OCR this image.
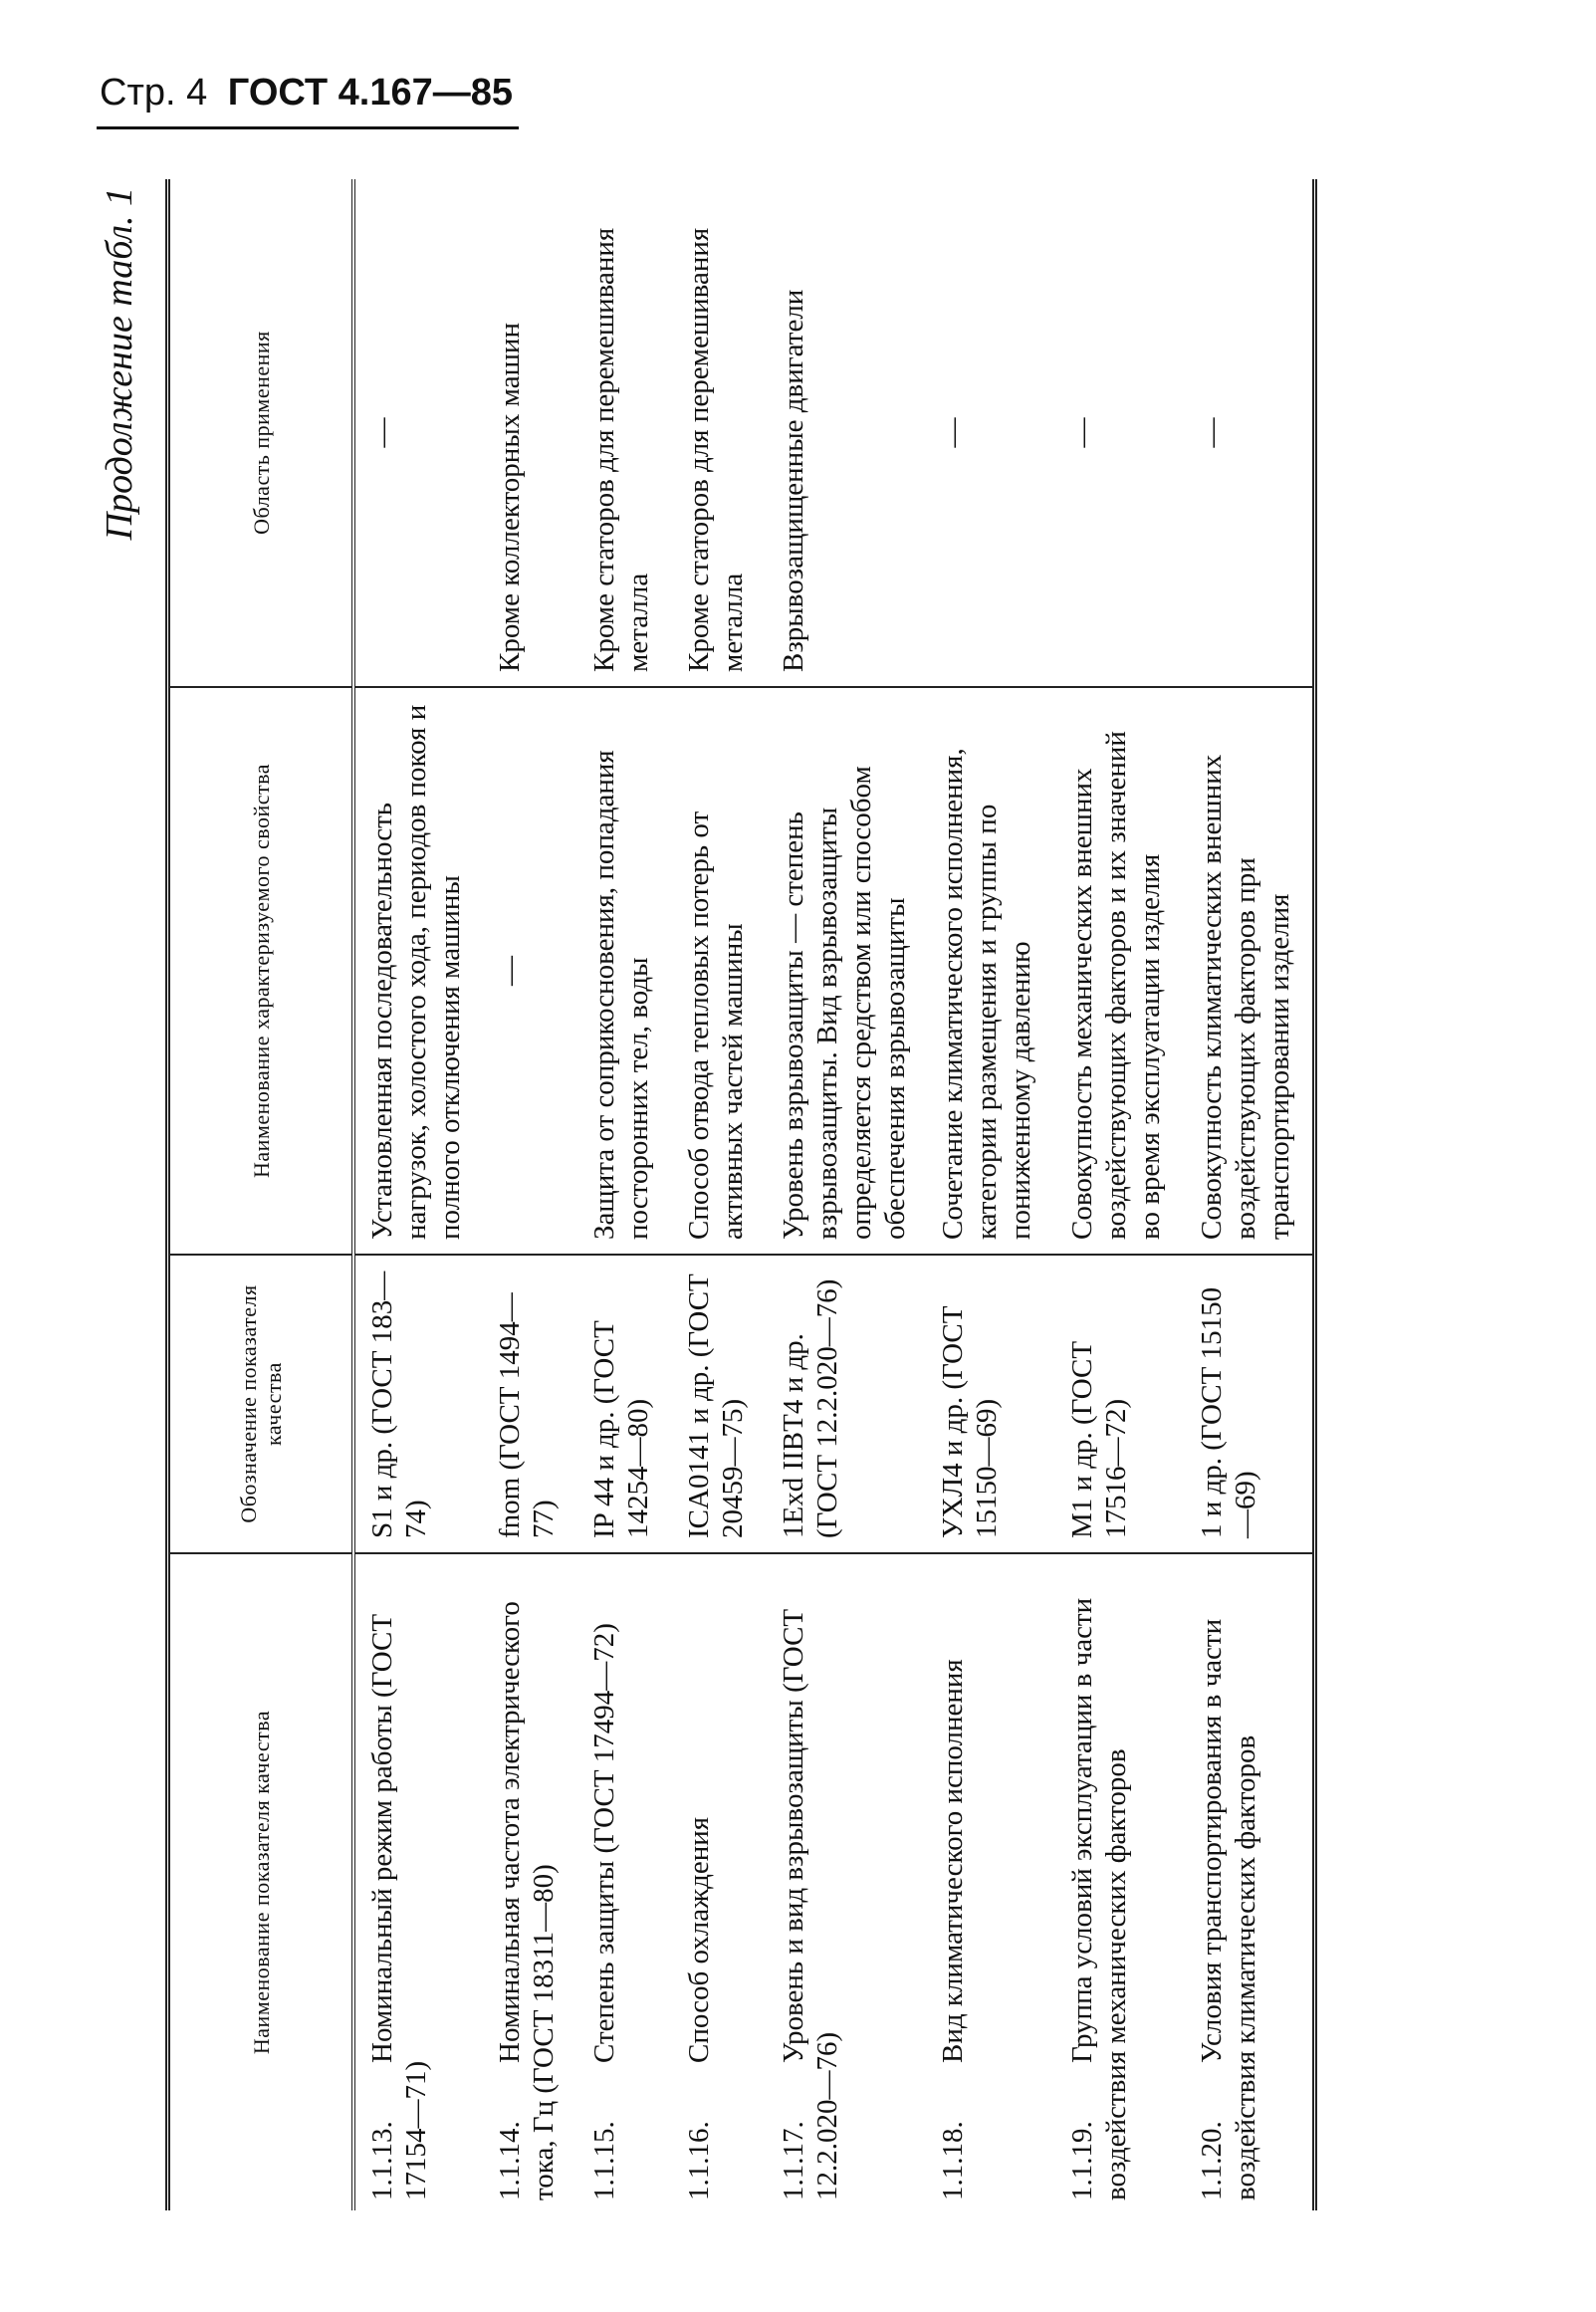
Стр. 4 ГОСТ 4.167—85
Продолжение табл. 1
Наименование показателя качества	Обозначение показателя качества	Наименование характеризуемого свойства	Область применения
1.1.13.Номинальный режим работы (ГОСТ 17154—71)	S1 и др. (ГОСТ 183—74)	Установленная последовательность нагрузок, холостого хода, периодов покоя и полного отключения машины	—
1.1.14.Номинальная частота электрического тока, Гц (ГОСТ 18311—80)	fnom (ГОСТ 1494—77)	—	Кроме коллекторных машин
1.1.15.Степень защиты (ГОСТ 17494—72)	IP 44 и др. (ГОСТ 14254—80)	Защита от соприкосновения, попадания посторонних тел, воды	Кроме статоров для перемешивания металла
1.1.16.Способ охлаждения	ICA0141 и др. (ГОСТ 20459—75)	Способ отвода тепловых потерь от активных частей машины	Кроме статоров для перемешивания металла
1.1.17.Уровень и вид взрывозащиты (ГОСТ 12.2.020—76)	1Exd IIBT4 и др. (ГОСТ 12.2.020—76)	Уровень взрывозащиты — степень взрывозащиты. Вид взрывозащиты определяется средством или способом обеспечения взрывозащиты	Взрывозащищенные двигатели
1.1.18.Вид климатического исполнения	УХЛ4 и др. (ГОСТ 15150—69)	Сочетание климатического исполнения, категории размещения и группы по пониженному давлению	—
1.1.19.Группа условий эксплуатации в части воздействия механических факторов	М1 и др. (ГОСТ 17516—72)	Совокупность механических внешних воздействующих факторов и их значений во время эксплуатации изделия	—
1.1.20.Условия транспортирования в части воздействия климатических факторов	1 и др. (ГОСТ 15150—69)	Совокупность климатических внешних воздействующих факторов при транспортировании изделия	—
